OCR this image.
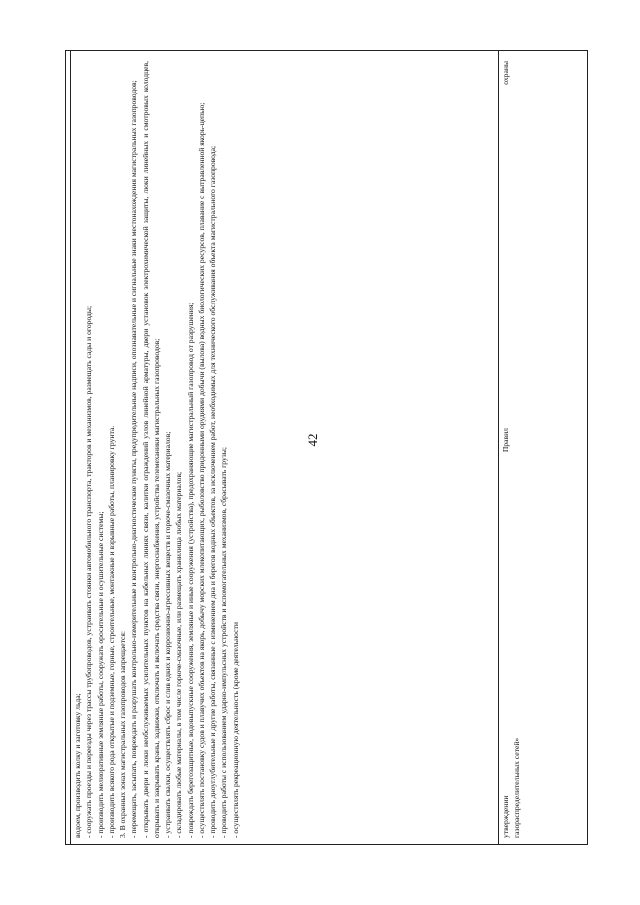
42

водоем, производить колку и заготовку льда; - сооружать проезды и переезды через трассы трубопроводов, устраивать стоянки автомобильного транспорта, тракторов и механизмов, размещать сады и огороды; - производить мелиоративные земляные работы, сооружать оросительные и осушительные системы; - производить всякого рода открытые и подземные, горные, строительные, монтажные и взрывные работы, планировку грунта. 3. В охранных зонах магистральных газопроводов запрещается: - перемещать, засыпать, повреждать и разрушать контрольно-измерительные и контрольно-диагностические пункты, предупредительные надписи, опознавательные и сигнальные знаки местонахождения магистральных газопроводов; - открывать двери и люки необслуживаемых усилительных пунктов на кабельных линиях связи, калитки ограждений узлов линейной арматуры, двери установок электрохимической защиты, люки линейных и смотровых колодцев, открывать и закрывать краны, задвижки, отключать и включать средства связи, энергоснабжения, устройства телемеханики магистральных газопроводов; - устраивать свалки, осуществлять сброс и слив едких и коррозионно-агрессивных веществ и горюче-смазочных материалов; - складировать любые материалы, в том числе горюче-смазочные, или размещать хранилища любых материалов; - повреждать берегозащитные, водовыпускные сооружения, земляные и иные сооружения (устройства), предохраняющие магистральный газопровод от разрушения; - осуществлять постановку судов и плавучих объектов на якорь, добычу морских млекопитающих, рыболовство придонными орудиями добычи (вылова) водных биологических ресурсов, плавание с вытравленной якорь-цепью; - проводить дноуглубительные и другие работы, связанные с изменением дна и берегов водных объектов, за исключением работ, необходимых для технического обслуживания объекта магистрального газопровода; - проводить работы с использованием ударно-импульсных устройств и вспомогательных механизмов, сбрасывать грузы; - осуществлять рекреационную деятельность (кроме деятельности	утверждении Правил охраны газораспределительных сетей»
